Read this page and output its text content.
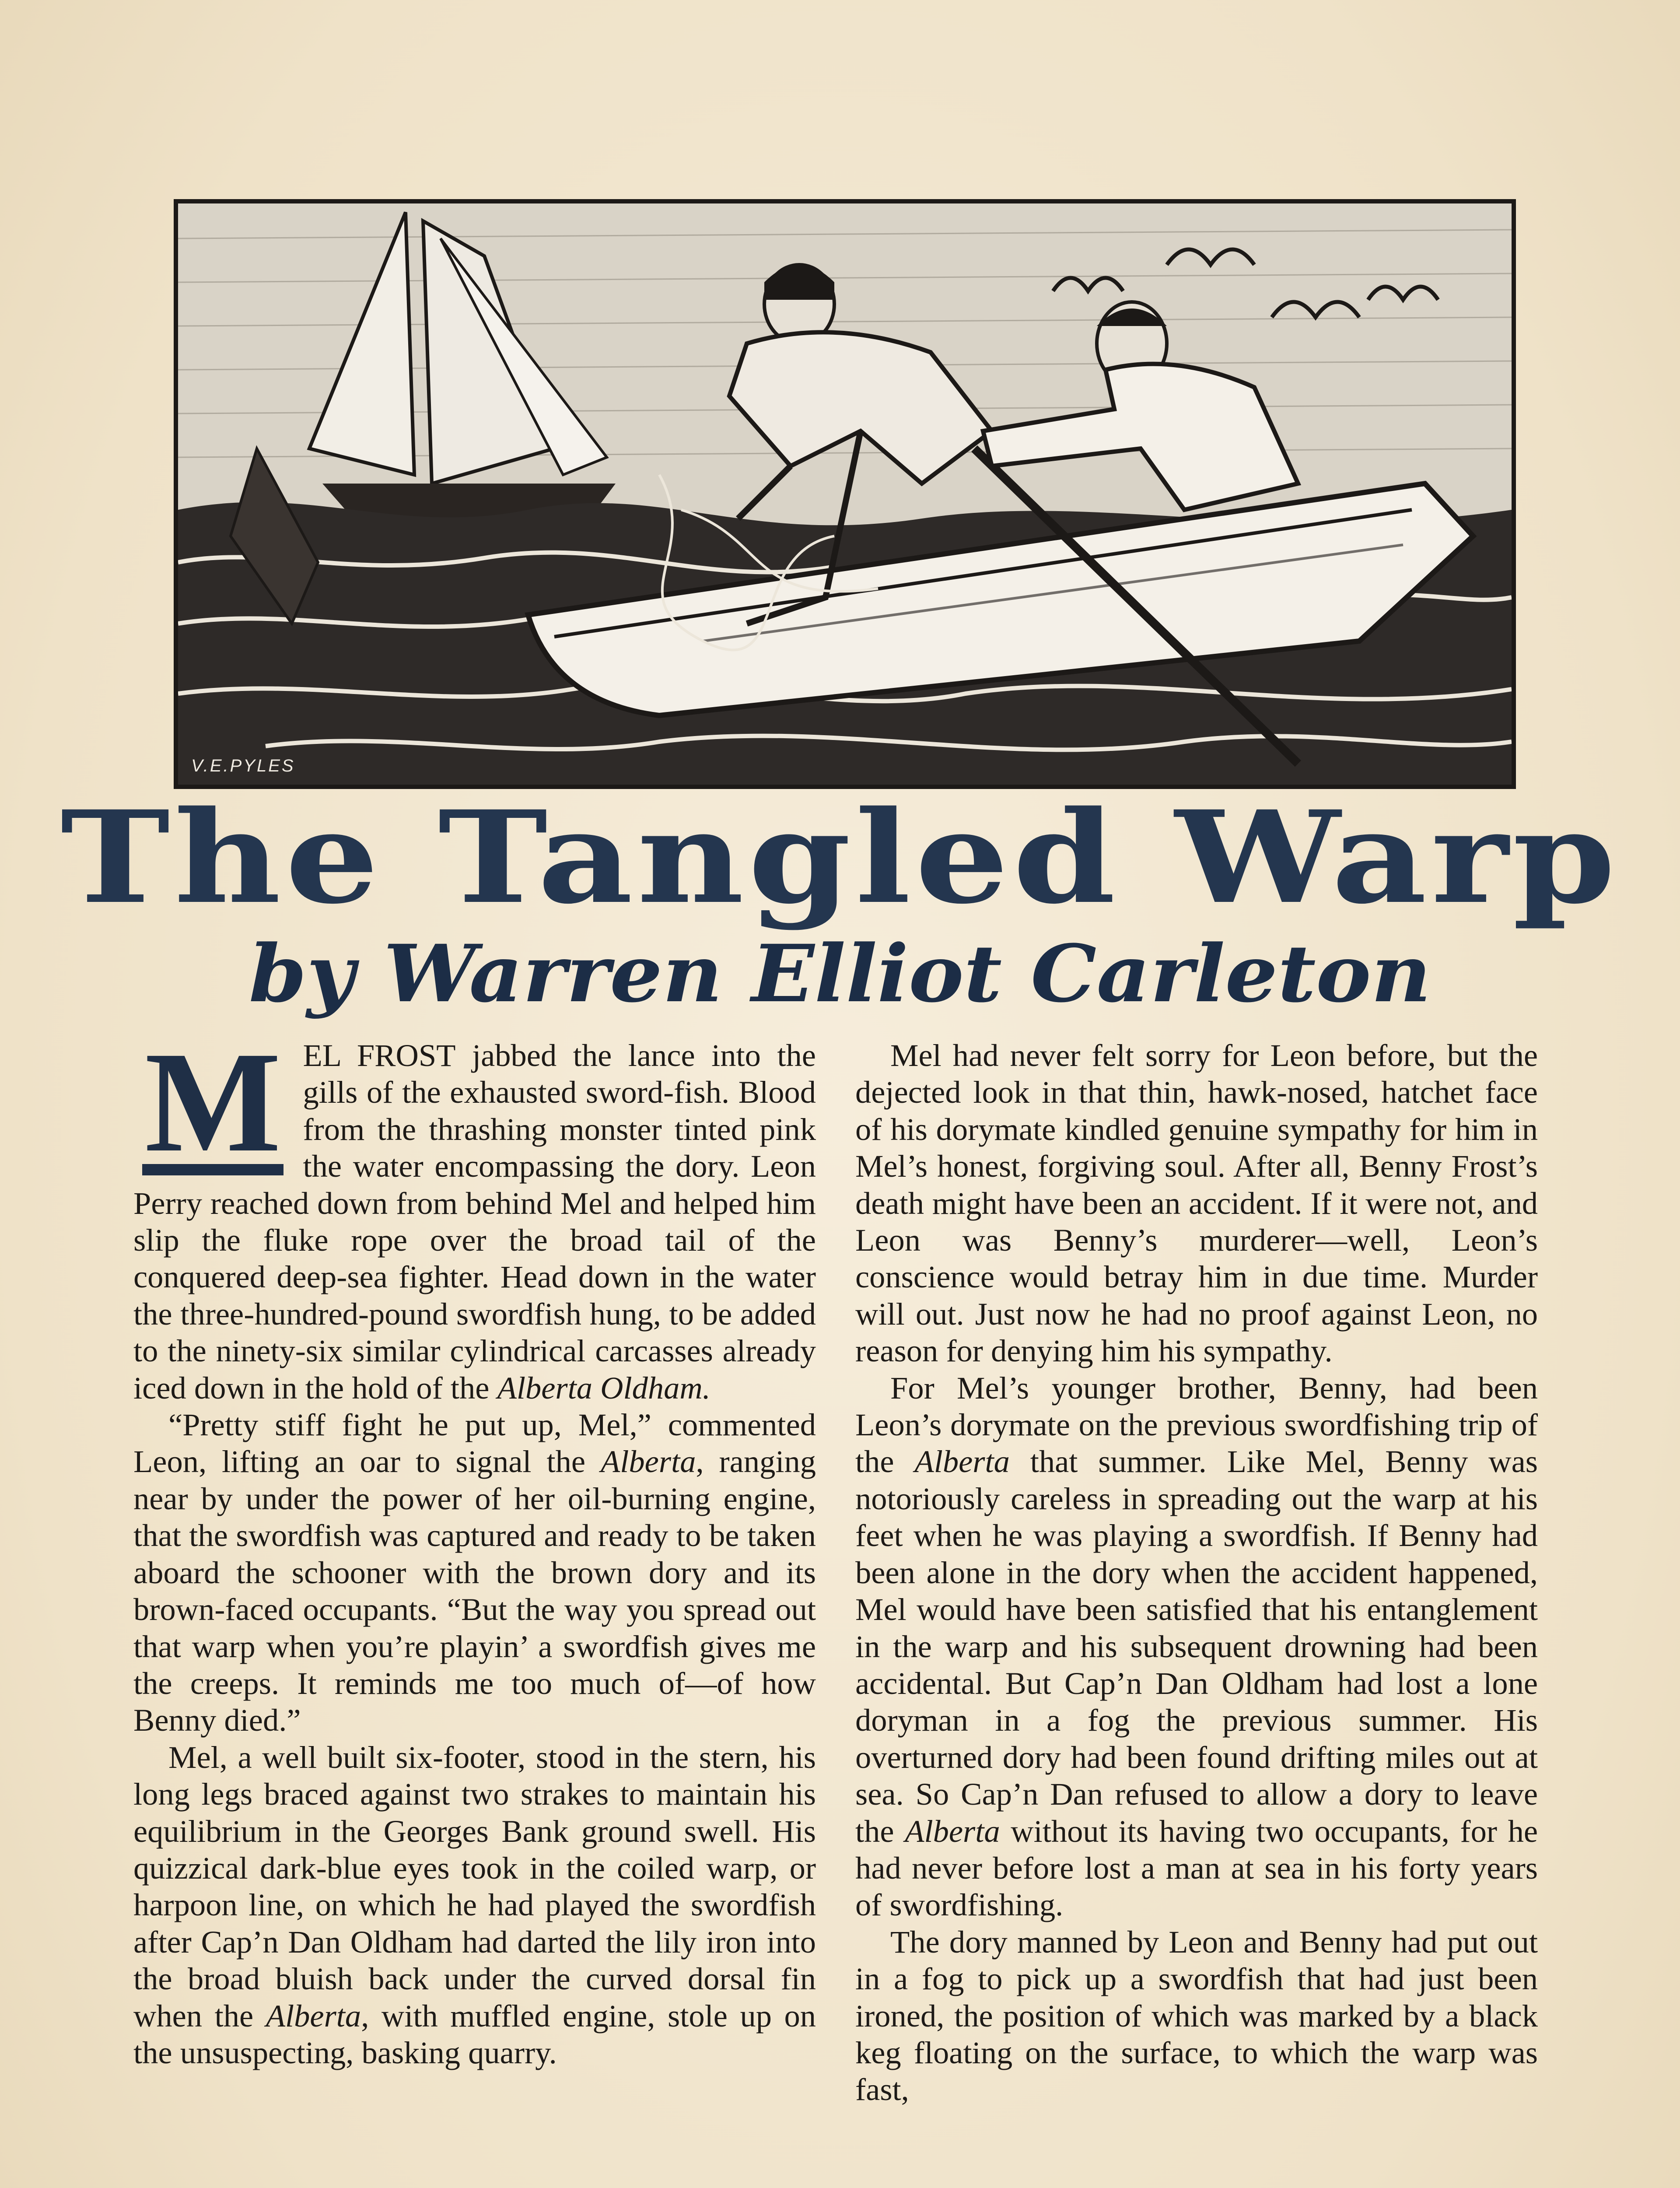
V.E.PYLES
The Tangled Warp
by Warren Elliot Carleton

M EL FROST jabbed the lance into the gills of the exhausted sword-fish. Blood from the thrashing monster tinted pink the water encompassing the dory. Leon Perry reached down from behind Mel and helped him slip the fluke rope over the broad tail of the conquered deep-sea fighter. Head down in the water the three-hundred-pound swordfish hung, to be added to the ninety-six similar cylindrical carcasses already iced down in the hold of the Alberta Oldham.

“Pretty stiff fight he put up, Mel,” commented Leon, lifting an oar to signal the Alberta, ranging near by under the power of her oil-burning engine, that the swordfish was captured and ready to be taken aboard the schooner with the brown dory and its brown-faced occupants. “But the way you spread out that warp when you’re playin’ a swordfish gives me the creeps. It reminds me too much of—of how Benny died.”

Mel, a well built six-footer, stood in the stern, his long legs braced against two strakes to maintain his equilibrium in the Georges Bank ground swell. His quizzical dark-blue eyes took in the coiled warp, or harpoon line, on which he had played the swordfish after Cap’n Dan Oldham had darted the lily iron into the broad bluish back under the curved dorsal fin when the Alberta, with muffled engine, stole up on the unsuspecting, basking quarry.

Mel had never felt sorry for Leon before, but the dejected look in that thin, hawk-nosed, hatchet face of his dorymate kindled genuine sympathy for him in Mel’s honest, forgiving soul. After all, Benny Frost’s death might have been an accident. If it were not, and Leon was Benny’s murderer—well, Leon’s conscience would betray him in due time. Murder will out. Just now he had no proof against Leon, no reason for denying him his sympathy.

For Mel’s younger brother, Benny, had been Leon’s dorymate on the previous swordfishing trip of the Alberta that summer. Like Mel, Benny was notoriously careless in spreading out the warp at his feet when he was playing a swordfish. If Benny had been alone in the dory when the accident happened, Mel would have been satisfied that his entanglement in the warp and his subsequent drowning had been accidental. But Cap’n Dan Oldham had lost a lone doryman in a fog the previous summer. His overturned dory had been found drifting miles out at sea. So Cap’n Dan refused to allow a dory to leave the Alberta without its having two occupants, for he had never before lost a man at sea in his forty years of swordfishing.

The dory manned by Leon and Benny had put out in a fog to pick up a swordfish that had just been ironed, the position of which was marked by a black keg floating on the surface, to which the warp was fast,
